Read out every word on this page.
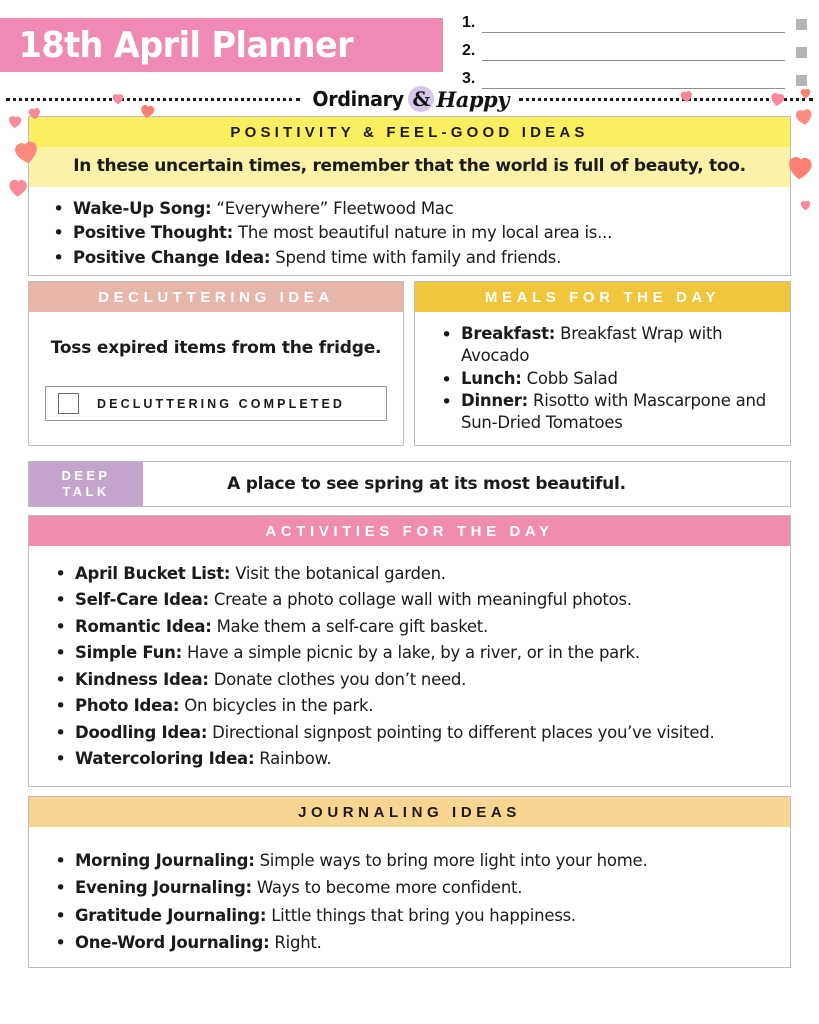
18th April Planner
1.
2.
3.
Ordinary & Happy
POSITIVITY & FEEL-GOOD IDEAS
In these uncertain times, remember that the world is full of beauty, too.
• Wake-Up Song: “Everywhere” Fleetwood Mac
• Positive Thought: The most beautiful nature in my local area is...
• Positive Change Idea: Spend time with family and friends.
DECLUTTERING IDEA
Toss expired items from the fridge.
DECLUTTERING COMPLETED
MEALS FOR THE DAY
• Breakfast: Breakfast Wrap with Avocado
• Lunch: Cobb Salad
• Dinner: Risotto with Mascarpone and Sun-Dried Tomatoes
DEEP
TALK	A place to see spring at its most beautiful.
ACTIVITIES FOR THE DAY
• April Bucket List: Visit the botanical garden.
• Self-Care Idea: Create a photo collage wall with meaningful photos.
• Romantic Idea: Make them a self-care gift basket.
• Simple Fun: Have a simple picnic by a lake, by a river, or in the park.
• Kindness Idea: Donate clothes you don’t need.
• Photo Idea: On bicycles in the park.
• Doodling Idea: Directional signpost pointing to different places you’ve visited.
• Watercoloring Idea: Rainbow.
JOURNALING IDEAS
• Morning Journaling: Simple ways to bring more light into your home.
• Evening Journaling: Ways to become more confident.
• Gratitude Journaling: Little things that bring you happiness.
• One-Word Journaling: Right.
